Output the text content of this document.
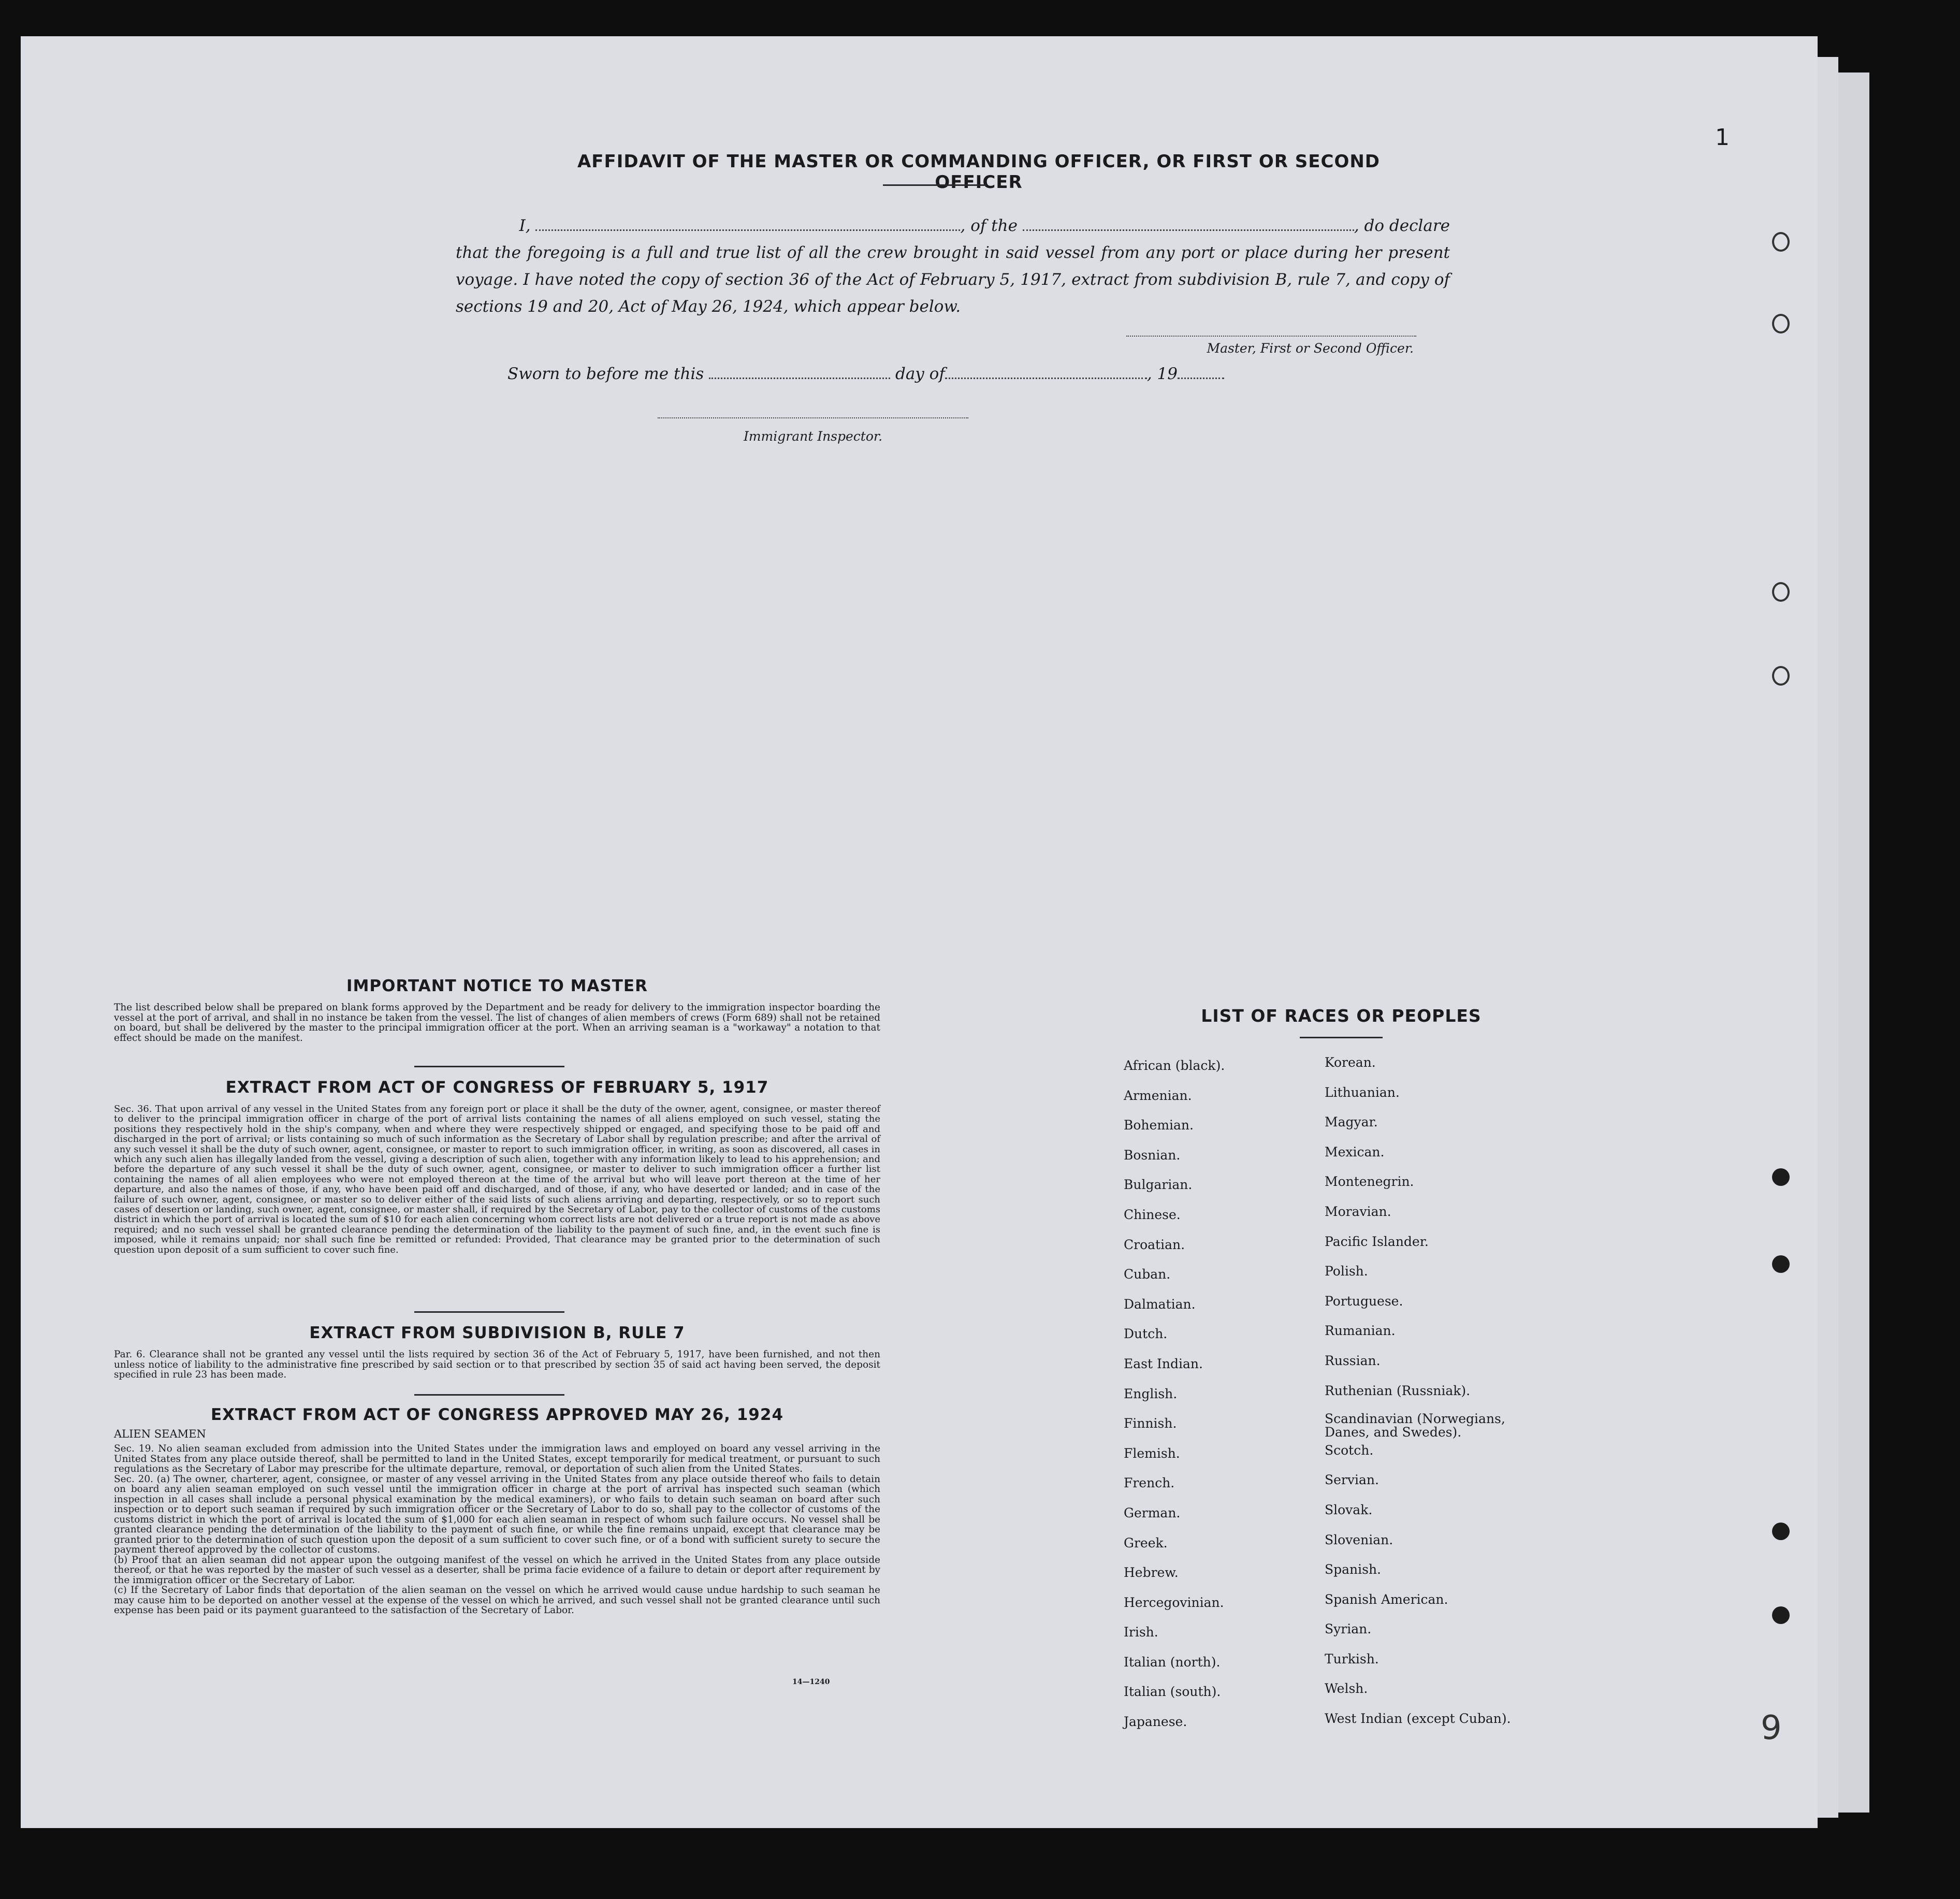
AFFIDAVIT OF THE MASTER OR COMMANDING OFFICER, OR FIRST OR SECOND OFFICER
I,	, of the	, do declare
that the foregoing is a full and true list of all the crew brought in said vessel from any port or place during her present voyage. I have noted the copy of section 36 of the Act of February 5, 1917, extract from subdivision B, rule 7, and copy of sections 19 and 20, Act of May 26, 1924, which appear below.
Master, First or Second Officer.
Sworn to before me this	day of	, 19
Immigrant Inspector.
IMPORTANT NOTICE TO MASTER
The list described below shall be prepared on blank forms approved by the Department and be ready for delivery to the immigration inspector boarding the vessel at the port of arrival, and shall in no instance be taken from the vessel. The list of changes of alien members of crews (Form 689) shall not be retained on board, but shall be delivered by the master to the principal immigration officer at the port. When an arriving seaman is a "workaway" a notation to that effect should be made on the manifest.
EXTRACT FROM ACT OF CONGRESS OF FEBRUARY 5, 1917
Sec. 36. That upon arrival of any vessel in the United States from any foreign port or place it shall be the duty of the owner, agent, consignee, or master thereof to deliver to the principal immigration officer in charge of the port of arrival lists containing the names of all aliens employed on such vessel, stating the positions they respectively hold in the ship's company, when and where they were respectively shipped or engaged, and specifying those to be paid off and discharged in the port of arrival; or lists containing so much of such information as the Secretary of Labor shall by regulation prescribe; and after the arrival of any such vessel it shall be the duty of such owner, agent, consignee, or master to report to such immigration officer, in writing, as soon as discovered, all cases in which any such alien has illegally landed from the vessel, giving a description of such alien, together with any information likely to lead to his apprehension; and before the departure of any such vessel it shall be the duty of such owner, agent, consignee, or master to deliver to such immigration officer a further list containing the names of all alien employees who were not employed thereon at the time of the arrival but who will leave port thereon at the time of her departure, and also the names of those, if any, who have been paid off and discharged, and of those, if any, who have deserted or landed; and in case of the failure of such owner, agent, consignee, or master so to deliver either of the said lists of such aliens arriving and departing, respectively, or so to report such cases of desertion or landing, such owner, agent, consignee, or master shall, if required by the Secretary of Labor, pay to the collector of customs of the customs district in which the port of arrival is located the sum of $10 for each alien concerning whom correct lists are not delivered or a true report is not made as above required; and no such vessel shall be granted clearance pending the determination of the liability to the payment of such fine, and, in the event such fine is imposed, while it remains unpaid; nor shall such fine be remitted or refunded: Provided, That clearance may be granted prior to the determination of such question upon deposit of a sum sufficient to cover such fine.
EXTRACT FROM SUBDIVISION B, RULE 7
Par. 6. Clearance shall not be granted any vessel until the lists required by section 36 of the Act of February 5, 1917, have been furnished, and not then unless notice of liability to the administrative fine prescribed by said section or to that prescribed by section 35 of said act having been served, the deposit specified in rule 23 has been made.
EXTRACT FROM ACT OF CONGRESS APPROVED MAY 26, 1924
ALIEN SEAMEN
Sec. 19. No alien seaman excluded from admission into the United States under the immigration laws and employed on board any vessel arriving in the United States from any place outside thereof, shall be permitted to land in the United States, except temporarily for medical treatment, or pursuant to such regulations as the Secretary of Labor may prescribe for the ultimate departure, removal, or deportation of such alien from the United States.
Sec. 20. (a) The owner, charterer, agent, consignee, or master of any vessel arriving in the United States from any place outside thereof who fails to detain on board any alien seaman employed on such vessel until the immigration officer in charge at the port of arrival has inspected such seaman (which inspection in all cases shall include a personal physical examination by the medical examiners), or who fails to detain such seaman on board after such inspection or to deport such seaman if required by such immigration officer or the Secretary of Labor to do so, shall pay to the collector of customs of the customs district in which the port of arrival is located the sum of $1,000 for each alien seaman in respect of whom such failure occurs. No vessel shall be granted clearance pending the determination of the liability to the payment of such fine, or while the fine remains unpaid, except that clearance may be granted prior to the determination of such question upon the deposit of a sum sufficient to cover such fine, or of a bond with sufficient surety to secure the payment thereof approved by the collector of customs.
(b) Proof that an alien seaman did not appear upon the outgoing manifest of the vessel on which he arrived in the United States from any place outside thereof, or that he was reported by the master of such vessel as a deserter, shall be prima facie evidence of a failure to detain or deport after requirement by the immigration officer or the Secretary of Labor.
(c) If the Secretary of Labor finds that deportation of the alien seaman on the vessel on which he arrived would cause undue hardship to such seaman he may cause him to be deported on another vessel at the expense of the vessel on which he arrived, and such vessel shall not be granted clearance until such expense has been paid or its payment guaranteed to the satisfaction of the Secretary of Labor.
14—1240
LIST OF RACES OR PEOPLES
African (black).
Armenian.
Bohemian.
Bosnian.
Bulgarian.
Chinese.
Croatian.
Cuban.
Dalmatian.
Dutch.
East Indian.
English.
Finnish.
Flemish.
French.
German.
Greek.
Hebrew.
Hercegovinian.
Irish.
Italian (north).
Italian (south).
Japanese.
Korean.
Lithuanian.
Magyar.
Mexican.
Montenegrin.
Moravian.
Pacific Islander.
Polish.
Portuguese.
Rumanian.
Russian.
Ruthenian (Russniak).
Scandinavian (Norwegians, Danes, and Swedes).
Scotch.
Servian.
Slovak.
Slovenian.
Spanish.
Spanish American.
Syrian.
Turkish.
Welsh.
West Indian (except Cuban).
1
9
